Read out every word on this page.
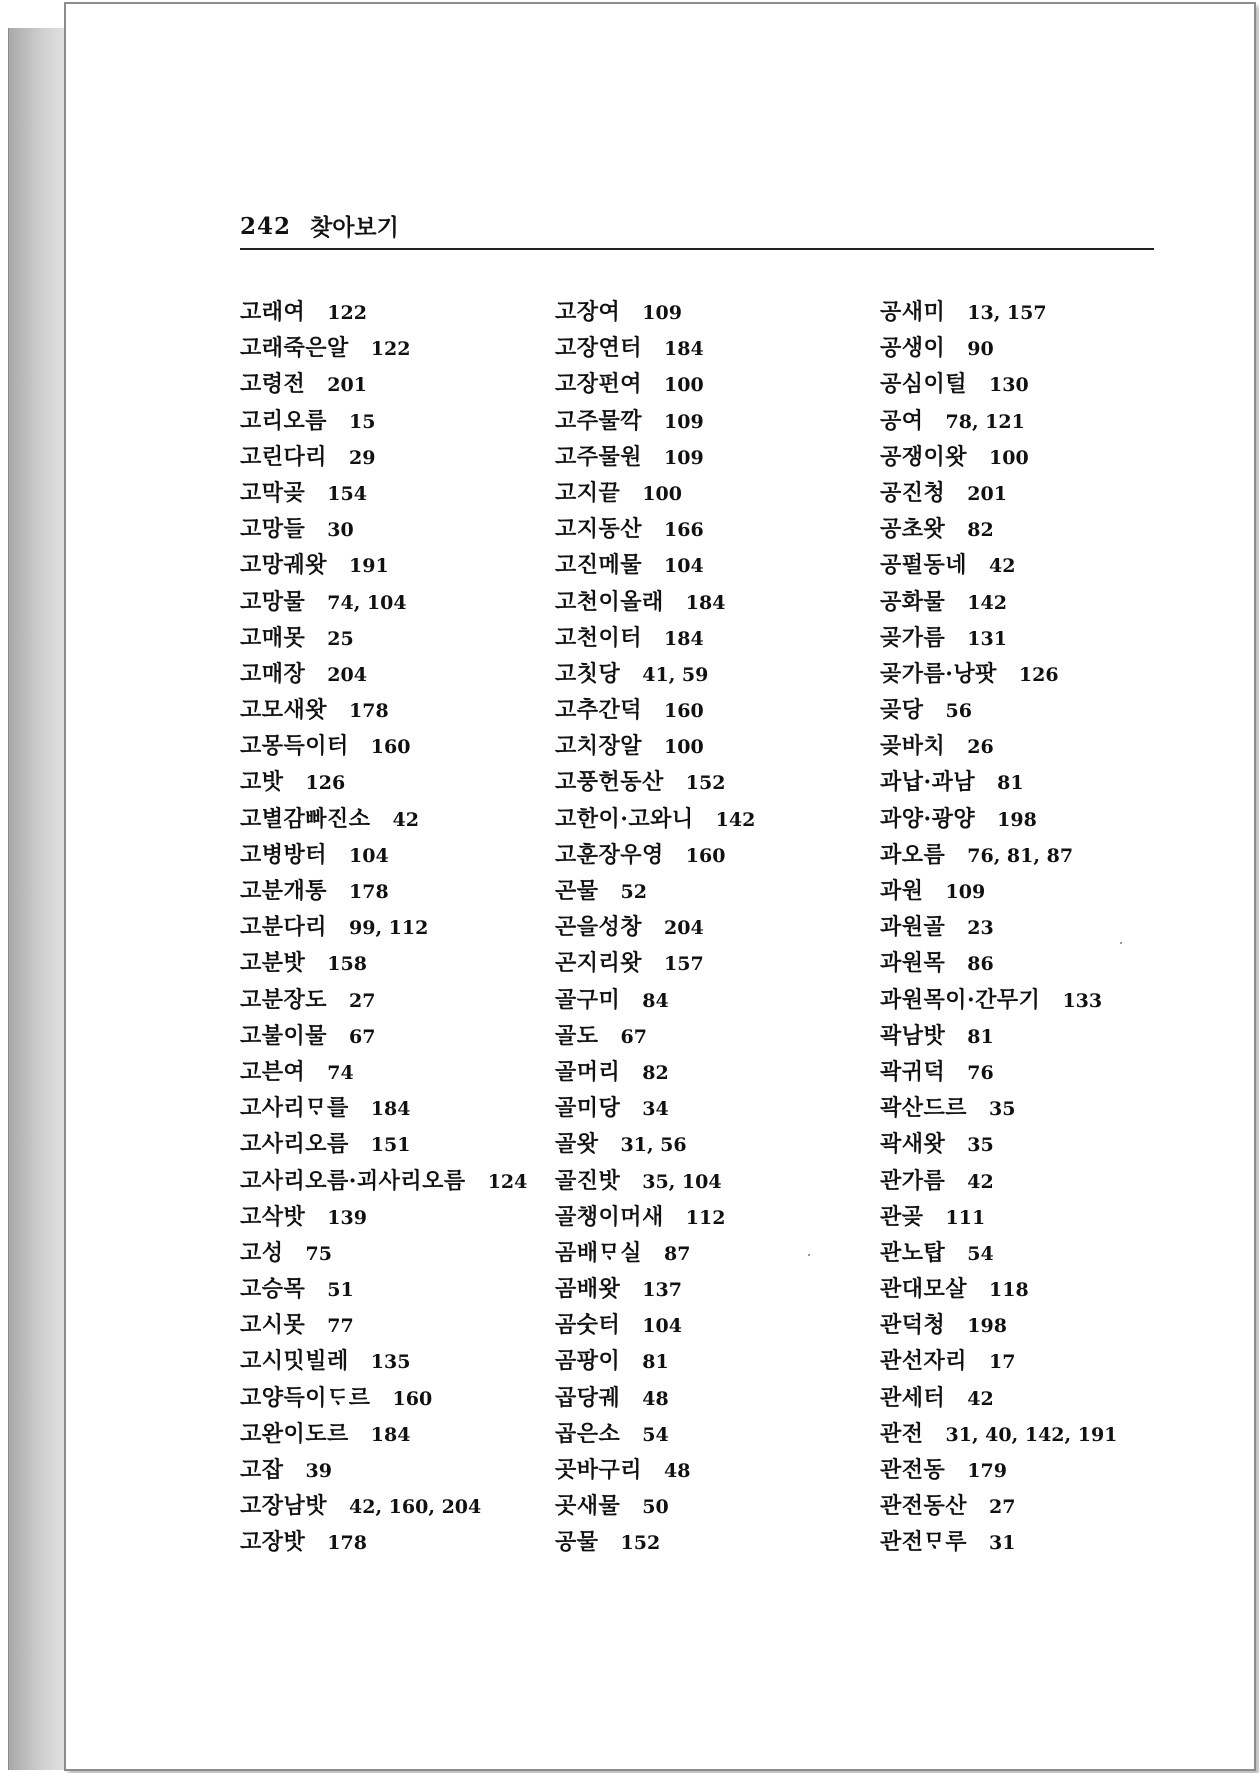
242 찾아보기
고래여 122
고래죽은알 122
고령전 201
고리오름 15
고린다리 29
고막곶 154
고망들 30
고망궤왓 191
고망물 74, 104
고매못 25
고매장 204
고모새왓 178
고몽득이터 160
고밧 126
고별감빠진소 42
고병방터 104
고분개통 178
고분다리 99, 112
고분밧 158
고분장도 27
고불이물 67
고븐여 74
고사리ᄆᆞ를 184
고사리오름 151
고사리오름·괴사리오름 124
고삭밧 139
고성 75
고승목 51
고시못 77
고시밋빌레 135
고양득이ᄃᆞ르 160
고완이도르 184
고잡 39
고장남밧 42, 160, 204
고장밧 178
고장여 109
고장연터 184
고장펀여 100
고주물깍 109
고주물원 109
고지끝 100
고지동산 166
고진메물 104
고천이올래 184
고천이터 184
고칫당 41, 59
고추간덕 160
고치장알 100
고풍헌동산 152
고한이·고와니 142
고훈장우영 160
곤물 52
곤을성창 204
곤지리왓 157
골구미 84
골도 67
골머리 82
골미당 34
골왓 31, 56
골진밧 35, 104
골챙이머새 112
곰배ᄆᆞ실 87
곰배왓 137
곰숫터 104
곰팡이 81
곱당궤 48
곱은소 54
곳바구리 48
곳새물 50
공물 152
공새미 13, 157
공생이 90
공심이털 130
공여 78, 121
공쟁이왓 100
공진청 201
공초왓 82
공펄동네 42
공화물 142
곶가름 131
곶가름·낭팟 126
곶당 56
곶바치 26
과납·과남 81
과양·광양 198
과오름 76, 81, 87
과원 109
과원골 23
과원목 86
과원목이·간무기 133
곽남밧 81
곽귀덕 76
곽산드르 35
곽새왓 35
관가름 42
관곶 111
관노탑 54
관대모살 118
관덕청 198
관선자리 17
관세터 42
관전 31, 40, 142, 191
관전동 179
관전동산 27
관전ᄆᆞ루 31
